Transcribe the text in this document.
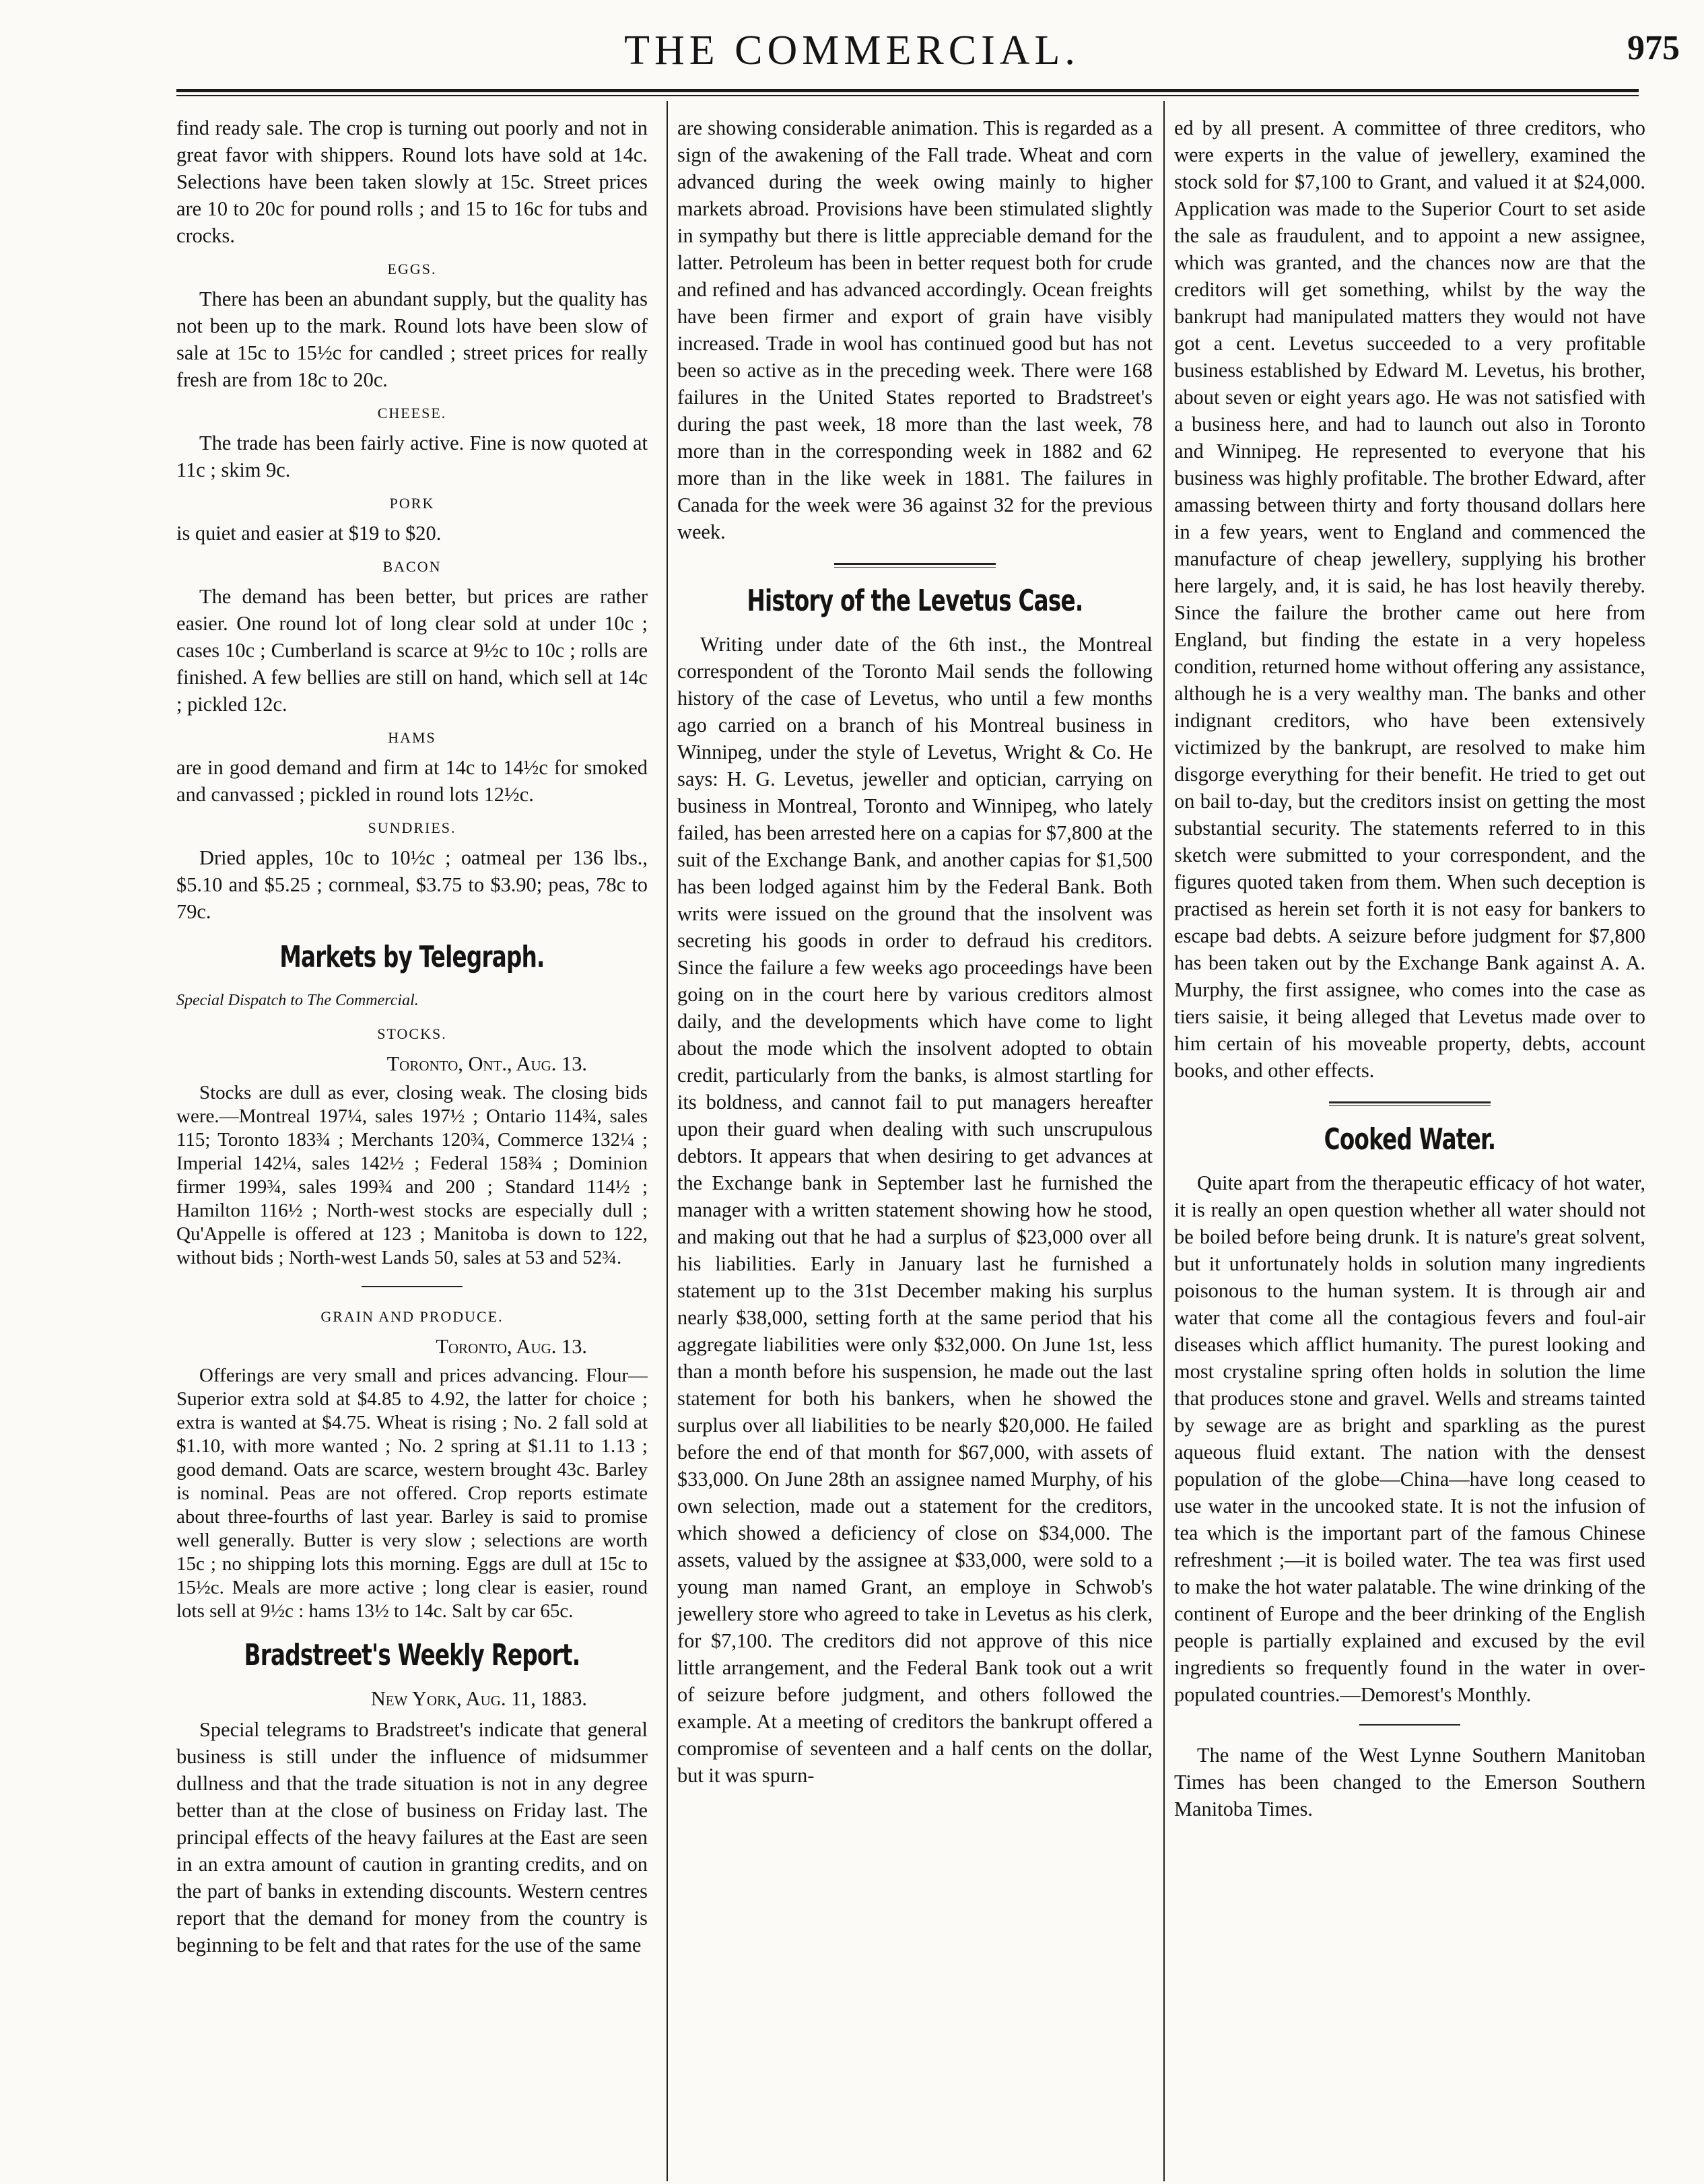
THE COMMERCIAL.	975

find ready sale. The crop is turning out poorly and not in great favor with shippers. Round lots have sold at 14c. Selections have been taken slowly at 15c. Street prices are 10 to 20c for pound rolls ; and 15 to 16c for tubs and crocks.

EGGS.

There has been an abundant supply, but the quality has not been up to the mark. Round lots have been slow of sale at 15c to 15½c for candled ; street prices for really fresh are from 18c to 20c.

CHEESE.

The trade has been fairly active. Fine is now quoted at 11c ; skim 9c.

PORK

is quiet and easier at $19 to $20.

BACON

The demand has been better, but prices are rather easier. One round lot of long clear sold at under 10c ; cases 10c ; Cumberland is scarce at 9½c to 10c ; rolls are finished. A few bellies are still on hand, which sell at 14c ; pickled 12c.

HAMS

are in good demand and firm at 14c to 14½c for smoked and canvassed ; pickled in round lots 12½c.

SUNDRIES.

Dried apples, 10c to 10½c ; oatmeal per 136 lbs., $5.10 and $5.25 ; cornmeal, $3.75 to $3.90; peas, 78c to 79c.

Markets by Telegraph.
Special Dispatch to The Commercial.
STOCKS.
Toronto, Ont., Aug. 13.

Stocks are dull as ever, closing weak. The closing bids were.—Montreal 197¼, sales 197½ ; Ontario 114¾, sales 115; Toronto 183¾ ; Merchants 120¾, Commerce 132¼ ; Imperial 142¼, sales 142½ ; Federal 158¾ ; Dominion firmer 199¾, sales 199¾ and 200 ; Standard 114½ ; Hamilton 116½ ; North-west stocks are especially dull ; Qu'Appelle is offered at 123 ; Manitoba is down to 122, without bids ; North-west Lands 50, sales at 53 and 52¾.

GRAIN AND PRODUCE.
Toronto, Aug. 13.

Offerings are very small and prices advancing. Flour—Superior extra sold at $4.85 to 4.92, the latter for choice ; extra is wanted at $4.75. Wheat is rising ; No. 2 fall sold at $1.10, with more wanted ; No. 2 spring at $1.11 to 1.13 ; good demand. Oats are scarce, western brought 43c. Barley is nominal. Peas are not offered. Crop reports estimate about three-fourths of last year. Barley is said to promise well generally. Butter is very slow ; selections are worth 15c ; no shipping lots this morning. Eggs are dull at 15c to 15½c. Meals are more active ; long clear is easier, round lots sell at 9½c : hams 13½ to 14c. Salt by car 65c.

Bradstreet's Weekly Report.
New York, Aug. 11, 1883.

Special telegrams to Bradstreet's indicate that general business is still under the influence of midsummer dullness and that the trade situation is not in any degree better than at the close of business on Friday last. The principal effects of the heavy failures at the East are seen in an extra amount of caution in granting credits, and on the part of banks in extending discounts. Western centres report that the demand for money from the country is beginning to be felt and that rates for the use of the same

are showing considerable animation. This is regarded as a sign of the awakening of the Fall trade. Wheat and corn advanced during the week owing mainly to higher markets abroad. Provisions have been stimulated slightly in sympathy but there is little appreciable demand for the latter. Petroleum has been in better request both for crude and refined and has advanced accordingly. Ocean freights have been firmer and export of grain have visibly increased. Trade in wool has continued good but has not been so active as in the preceding week. There were 168 failures in the United States reported to Bradstreet's during the past week, 18 more than the last week, 78 more than in the corresponding week in 1882 and 62 more than in the like week in 1881. The failures in Canada for the week were 36 against 32 for the previous week.

History of the Levetus Case.

Writing under date of the 6th inst., the Montreal correspondent of the Toronto Mail sends the following history of the case of Levetus, who until a few months ago carried on a branch of his Montreal business in Winnipeg, under the style of Levetus, Wright & Co. He says: H. G. Levetus, jeweller and optician, carrying on business in Montreal, Toronto and Winnipeg, who lately failed, has been arrested here on a capias for $7,800 at the suit of the Exchange Bank, and another capias for $1,500 has been lodged against him by the Federal Bank. Both writs were issued on the ground that the insolvent was secreting his goods in order to defraud his creditors. Since the failure a few weeks ago proceedings have been going on in the court here by various creditors almost daily, and the developments which have come to light about the mode which the insolvent adopted to obtain credit, particularly from the banks, is almost startling for its boldness, and cannot fail to put managers hereafter upon their guard when dealing with such unscrupulous debtors. It appears that when desiring to get advances at the Exchange bank in September last he furnished the manager with a written statement showing how he stood, and making out that he had a surplus of $23,000 over all his liabilities. Early in January last he furnished a statement up to the 31st December making his surplus nearly $38,000, setting forth at the same period that his aggregate liabilities were only $32,000. On June 1st, less than a month before his suspension, he made out the last statement for both his bankers, when he showed the surplus over all liabilities to be nearly $20,000. He failed before the end of that month for $67,000, with assets of $33,000. On June 28th an assignee named Murphy, of his own selection, made out a statement for the creditors, which showed a deficiency of close on $34,000. The assets, valued by the assignee at $33,000, were sold to a young man named Grant, an employe in Schwob's jewellery store who agreed to take in Levetus as his clerk, for $7,100. The creditors did not approve of this nice little arrangement, and the Federal Bank took out a writ of seizure before judgment, and others followed the example. At a meeting of creditors the bankrupt offered a compromise of seventeen and a half cents on the dollar, but it was spurn-

ed by all present. A committee of three creditors, who were experts in the value of jewellery, examined the stock sold for $7,100 to Grant, and valued it at $24,000. Application was made to the Superior Court to set aside the sale as fraudulent, and to appoint a new assignee, which was granted, and the chances now are that the creditors will get something, whilst by the way the bankrupt had manipulated matters they would not have got a cent. Levetus succeeded to a very profitable business established by Edward M. Levetus, his brother, about seven or eight years ago. He was not satisfied with a business here, and had to launch out also in Toronto and Winnipeg. He represented to everyone that his business was highly profitable. The brother Edward, after amassing between thirty and forty thousand dollars here in a few years, went to England and commenced the manufacture of cheap jewellery, supplying his brother here largely, and, it is said, he has lost heavily thereby. Since the failure the brother came out here from England, but finding the estate in a very hopeless condition, returned home without offering any assistance, although he is a very wealthy man. The banks and other indignant creditors, who have been extensively victimized by the bankrupt, are resolved to make him disgorge everything for their benefit. He tried to get out on bail to-day, but the creditors insist on getting the most substantial security. The statements referred to in this sketch were submitted to your correspondent, and the figures quoted taken from them. When such deception is practised as herein set forth it is not easy for bankers to escape bad debts. A seizure before judgment for $7,800 has been taken out by the Exchange Bank against A. A. Murphy, the first assignee, who comes into the case as tiers saisie, it being alleged that Levetus made over to him certain of his moveable property, debts, account books, and other effects.

Cooked Water.

Quite apart from the therapeutic efficacy of hot water, it is really an open question whether all water should not be boiled before being drunk. It is nature's great solvent, but it unfortunately holds in solution many ingredients poisonous to the human system. It is through air and water that come all the contagious fevers and foul-air diseases which afflict humanity. The purest looking and most crystaline spring often holds in solution the lime that produces stone and gravel. Wells and streams tainted by sewage are as bright and sparkling as the purest aqueous fluid extant. The nation with the densest population of the globe—China—have long ceased to use water in the uncooked state. It is not the infusion of tea which is the important part of the famous Chinese refreshment ;—it is boiled water. The tea was first used to make the hot water palatable. The wine drinking of the continent of Europe and the beer drinking of the English people is partially explained and excused by the evil ingredients so frequently found in the water in over-populated countries.—Demorest's Monthly.

The name of the West Lynne Southern Manitoban Times has been changed to the Emerson Southern Manitoba Times.
